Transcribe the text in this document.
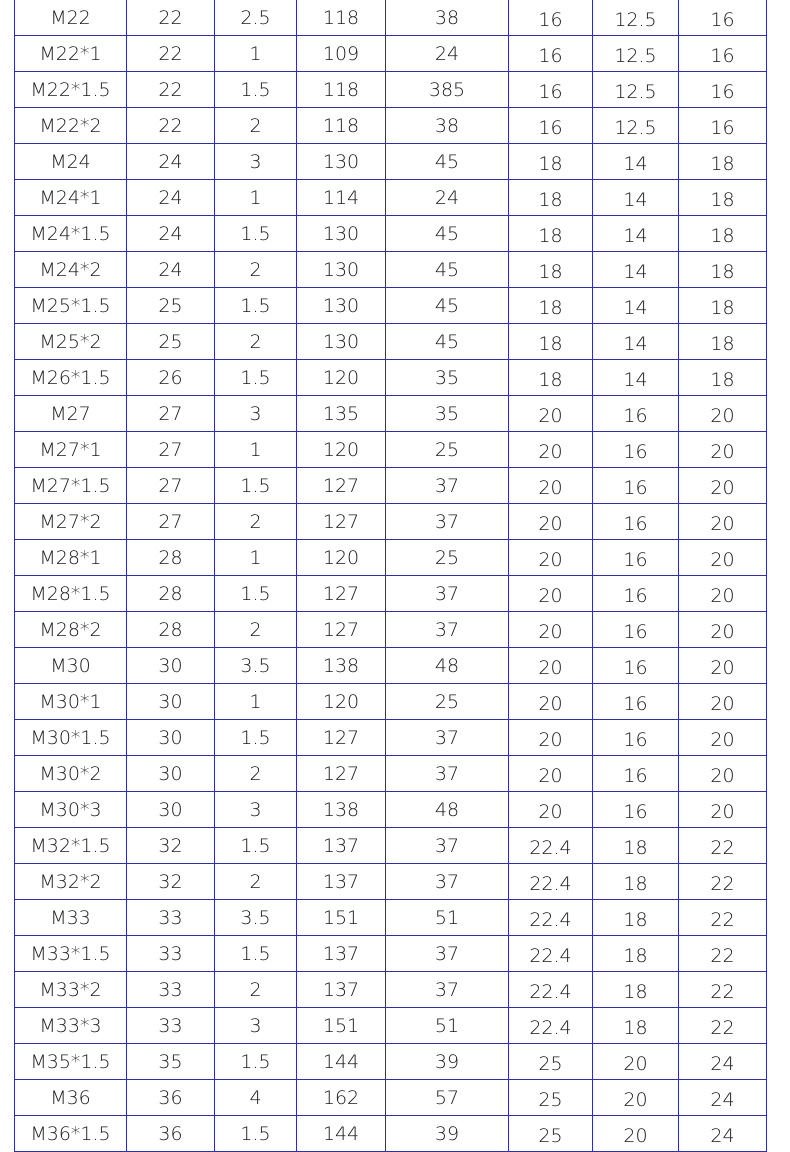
M22	22	2.5	118	38	16	12.5	16
M22*1	22	1	109	24	16	12.5	16
M22*1.5	22	1.5	118	385	16	12.5	16
M22*2	22	2	118	38	16	12.5	16
M24	24	3	130	45	18	14	18
M24*1	24	1	114	24	18	14	18
M24*1.5	24	1.5	130	45	18	14	18
M24*2	24	2	130	45	18	14	18
M25*1.5	25	1.5	130	45	18	14	18
M25*2	25	2	130	45	18	14	18
M26*1.5	26	1.5	120	35	18	14	18
M27	27	3	135	35	20	16	20
M27*1	27	1	120	25	20	16	20
M27*1.5	27	1.5	127	37	20	16	20
M27*2	27	2	127	37	20	16	20
M28*1	28	1	120	25	20	16	20
M28*1.5	28	1.5	127	37	20	16	20
M28*2	28	2	127	37	20	16	20
M30	30	3.5	138	48	20	16	20
M30*1	30	1	120	25	20	16	20
M30*1.5	30	1.5	127	37	20	16	20
M30*2	30	2	127	37	20	16	20
M30*3	30	3	138	48	20	16	20
M32*1.5	32	1.5	137	37	22.4	18	22
M32*2	32	2	137	37	22.4	18	22
M33	33	3.5	151	51	22.4	18	22
M33*1.5	33	1.5	137	37	22.4	18	22
M33*2	33	2	137	37	22.4	18	22
M33*3	33	3	151	51	22.4	18	22
M35*1.5	35	1.5	144	39	25	20	24
M36	36	4	162	57	25	20	24
M36*1.5	36	1.5	144	39	25	20	24
